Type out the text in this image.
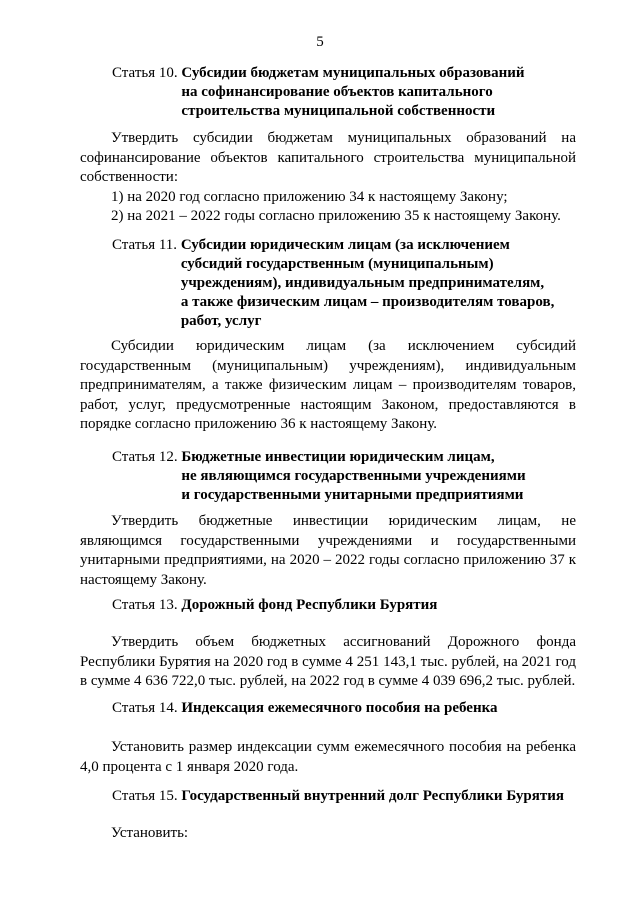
5
Статья 10.
Субсидии бюджетам муниципальных образований
на софинансирование объектов капитального
строительства муниципальной собственности

Утвердить субсидии бюджетам муниципальных образований на софинансирование объектов капитального строительства муниципальной собственности:

1) на 2020 год согласно приложению 34 к настоящему Закону;
2) на 2021 – 2022 годы согласно приложению 35 к настоящему Закону.
Статья 11.
Субсидии юридическим лицам (за исключением
субсидий государственным (муниципальным)
учреждениям), индивидуальным предпринимателям,
а также физическим лицам – производителям товаров,
работ, услуг

Субсидии юридическим лицам (за исключением субсидий государственным (муниципальным) учреждениям), индивидуальным предпринимателям, а также физическим лицам – производителям товаров, работ, услуг, предусмотренные настоящим Законом, предоставляются в порядке согласно приложению 36 к настоящему Закону.

Статья 12.
Бюджетные инвестиции юридическим лицам,
не являющимся государственными учреждениями
и государственными унитарными предприятиями

Утвердить бюджетные инвестиции юридическим лицам, не являющимся государственными учреждениями и государственными унитарными предприятиями, на 2020 – 2022 годы согласно приложению 37 к настоящему Закону.

Статья 13.
Дорожный фонд Республики Бурятия

Утвердить объем бюджетных ассигнований Дорожного фонда Республики Бурятия на 2020 год в сумме 4 251 143,1 тыс. рублей, на 2021 год в сумме 4 636 722,0 тыс. рублей, на 2022 год в сумме 4 039 696,2 тыс. рублей.

Статья 14.
Индексация ежемесячного пособия на ребенка

Установить размер индексации сумм ежемесячного пособия на ребенка 4,0 процента с 1 января 2020 года.

Статья 15.
Государственный внутренний долг Республики Бурятия

Установить:
